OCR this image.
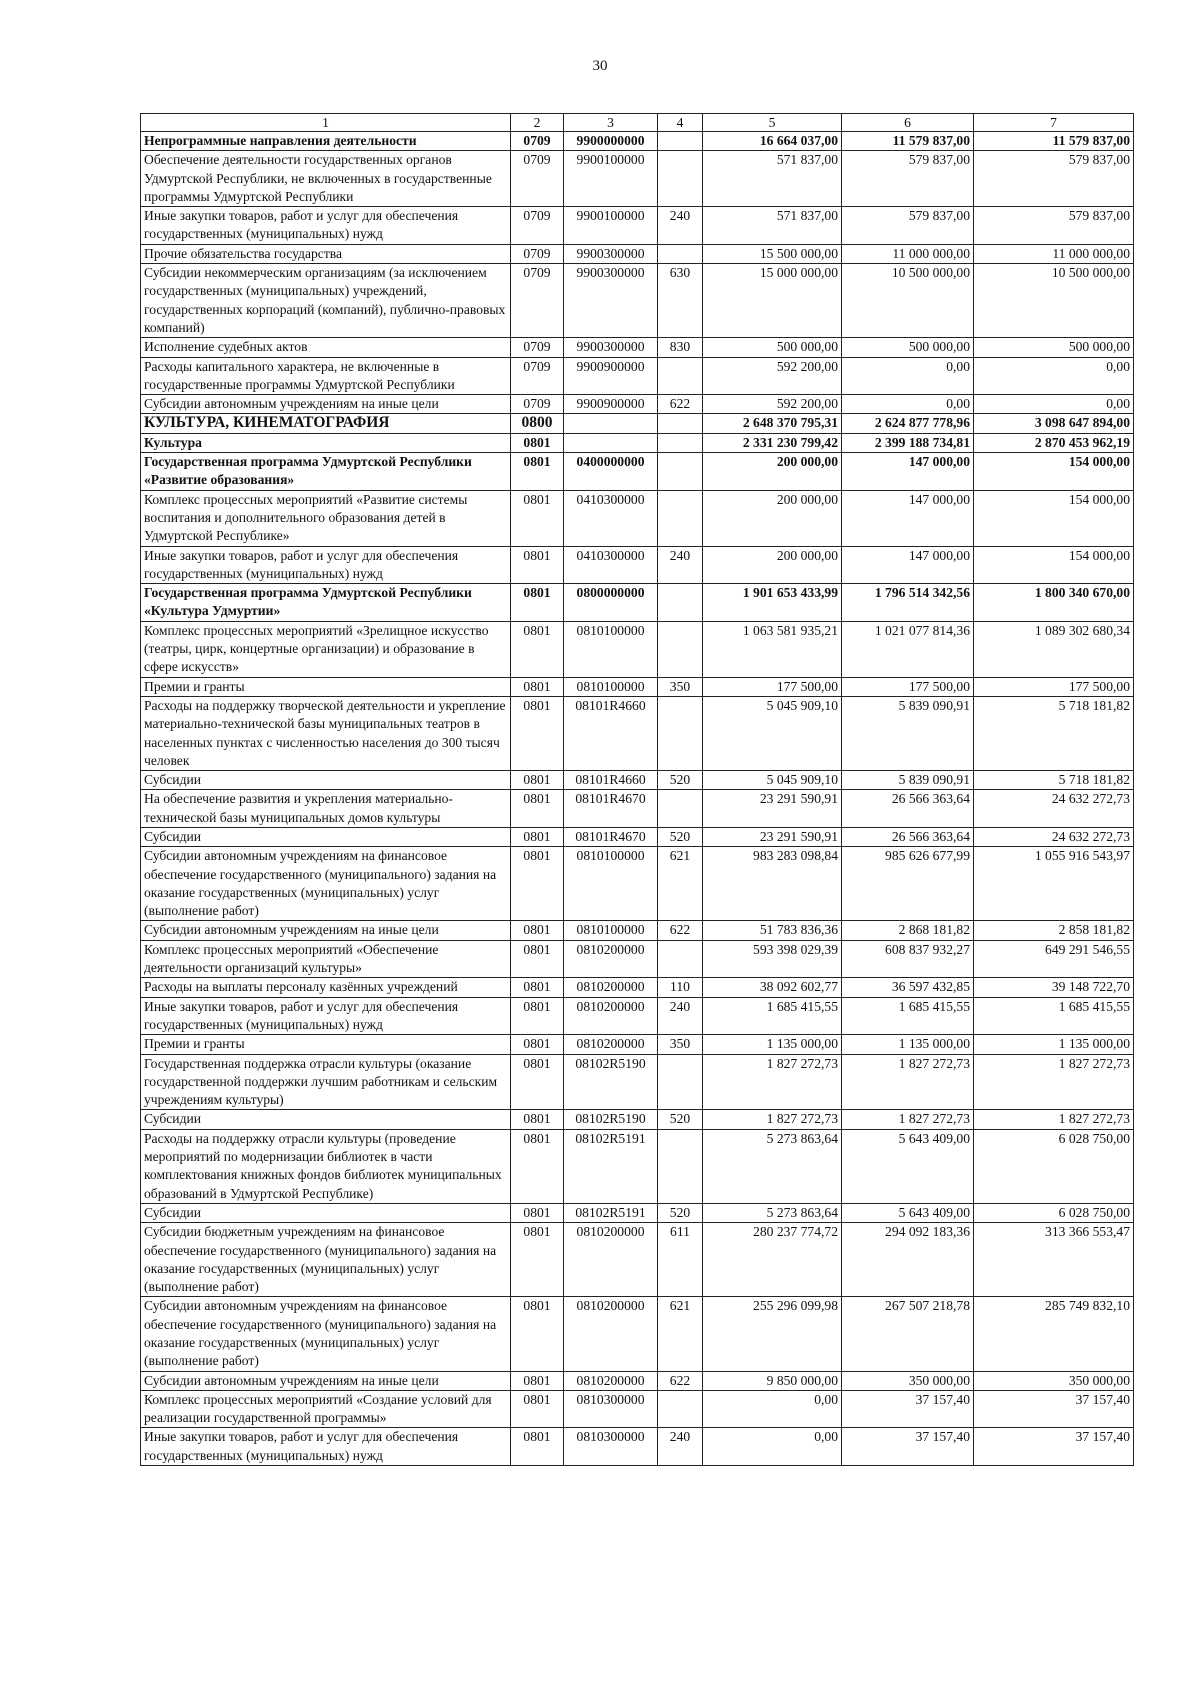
30
1	2	3	4	5	6	7
Непрограммные направления деятельности	0709	9900000000		16 664 037,00	11 579 837,00	11 579 837,00
Обеспечение деятельности государственных органов Удмуртской Республики, не включенных в государственные программы Удмуртской Республики	0709	9900100000		571 837,00	579 837,00	579 837,00
Иные закупки товаров, работ и услуг для обеспечения государственных (муниципальных) нужд	0709	9900100000	240	571 837,00	579 837,00	579 837,00
Прочие обязательства государства	0709	9900300000		15 500 000,00	11 000 000,00	11 000 000,00
Субсидии некоммерческим организациям (за исключением государственных (муниципальных) учреждений, государственных корпораций (компаний), публично-правовых компаний)	0709	9900300000	630	15 000 000,00	10 500 000,00	10 500 000,00
Исполнение судебных актов	0709	9900300000	830	500 000,00	500 000,00	500 000,00
Расходы капитального характера, не включенные в государственные программы Удмуртской Республики	0709	9900900000		592 200,00	0,00	0,00
Субсидии автономным учреждениям на иные цели	0709	9900900000	622	592 200,00	0,00	0,00
КУЛЬТУРА, КИНЕМАТОГРАФИЯ	0800			2 648 370 795,31	2 624 877 778,96	3 098 647 894,00
Культура	0801			2 331 230 799,42	2 399 188 734,81	2 870 453 962,19
Государственная программа Удмуртской Республики «Развитие образования»	0801	0400000000		200 000,00	147 000,00	154 000,00
Комплекс процессных мероприятий «Развитие системы воспитания и дополнительного образования детей в Удмуртской Республике»	0801	0410300000		200 000,00	147 000,00	154 000,00
Иные закупки товаров, работ и услуг для обеспечения государственных (муниципальных) нужд	0801	0410300000	240	200 000,00	147 000,00	154 000,00
Государственная программа Удмуртской Республики «Культура Удмуртии»	0801	0800000000		1 901 653 433,99	1 796 514 342,56	1 800 340 670,00
Комплекс процессных мероприятий «Зрелищное искусство (театры, цирк, концертные организации) и образование в сфере искусств»	0801	0810100000		1 063 581 935,21	1 021 077 814,36	1 089 302 680,34
Премии и гранты	0801	0810100000	350	177 500,00	177 500,00	177 500,00
Расходы на поддержку творческой деятельности и укрепление материально-технической базы муниципальных театров в населенных пунктах с численностью населения до 300 тысяч человек	0801	08101R4660		5 045 909,10	5 839 090,91	5 718 181,82
Субсидии	0801	08101R4660	520	5 045 909,10	5 839 090,91	5 718 181,82
На обеспечение развития и укрепления материально-технической базы муниципальных домов культуры	0801	08101R4670		23 291 590,91	26 566 363,64	24 632 272,73
Субсидии	0801	08101R4670	520	23 291 590,91	26 566 363,64	24 632 272,73
Субсидии автономным учреждениям на финансовое обеспечение государственного (муниципального) задания на оказание государственных (муниципальных) услуг (выполнение работ)	0801	0810100000	621	983 283 098,84	985 626 677,99	1 055 916 543,97
Субсидии автономным учреждениям на иные цели	0801	0810100000	622	51 783 836,36	2 868 181,82	2 858 181,82
Комплекс процессных мероприятий «Обеспечение деятельности организаций культуры»	0801	0810200000		593 398 029,39	608 837 932,27	649 291 546,55
Расходы на выплаты персоналу казённых учреждений	0801	0810200000	110	38 092 602,77	36 597 432,85	39 148 722,70
Иные закупки товаров, работ и услуг для обеспечения государственных (муниципальных) нужд	0801	0810200000	240	1 685 415,55	1 685 415,55	1 685 415,55
Премии и гранты	0801	0810200000	350	1 135 000,00	1 135 000,00	1 135 000,00
Государственная поддержка отрасли культуры (оказание государственной поддержки лучшим работникам и сельским учреждениям культуры)	0801	08102R5190		1 827 272,73	1 827 272,73	1 827 272,73
Субсидии	0801	08102R5190	520	1 827 272,73	1 827 272,73	1 827 272,73
Расходы на поддержку отрасли культуры (проведение мероприятий по модернизации библиотек в части комплектования книжных фондов библиотек муниципальных образований в Удмуртской Республике)	0801	08102R5191		5 273 863,64	5 643 409,00	6 028 750,00
Субсидии	0801	08102R5191	520	5 273 863,64	5 643 409,00	6 028 750,00
Субсидии бюджетным учреждениям на финансовое обеспечение государственного (муниципального) задания на оказание государственных (муниципальных) услуг (выполнение работ)	0801	0810200000	611	280 237 774,72	294 092 183,36	313 366 553,47
Субсидии автономным учреждениям на финансовое обеспечение государственного (муниципального) задания на оказание государственных (муниципальных) услуг (выполнение работ)	0801	0810200000	621	255 296 099,98	267 507 218,78	285 749 832,10
Субсидии автономным учреждениям на иные цели	0801	0810200000	622	9 850 000,00	350 000,00	350 000,00
Комплекс процессных мероприятий «Создание условий для реализации государственной программы»	0801	0810300000		0,00	37 157,40	37 157,40
Иные закупки товаров, работ и услуг для обеспечения государственных (муниципальных) нужд	0801	0810300000	240	0,00	37 157,40	37 157,40
